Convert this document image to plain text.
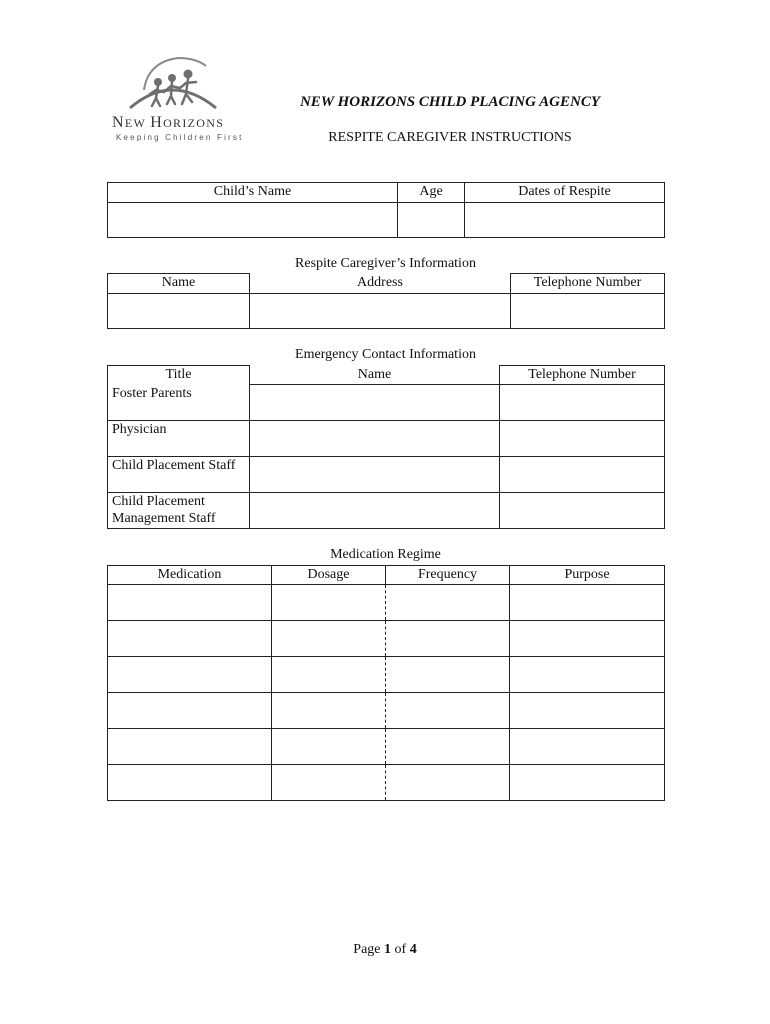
NEW HORIZONS
Keeping Children First
NEW HORIZONS CHILD PLACING AGENCY
RESPITE CAREGIVER INSTRUCTIONS
Child’s Name	Age	Dates of Respite

Respite Caregiver’s Information
Name	Address	Telephone Number

Emergency Contact Information
Title	Name	Telephone Number
Foster Parents		
Physician		
Child Placement Staff		
Child Placement Management Staff		
Medication Regime
Medication	Dosage	Frequency	Purpose

Page 1 of 4
